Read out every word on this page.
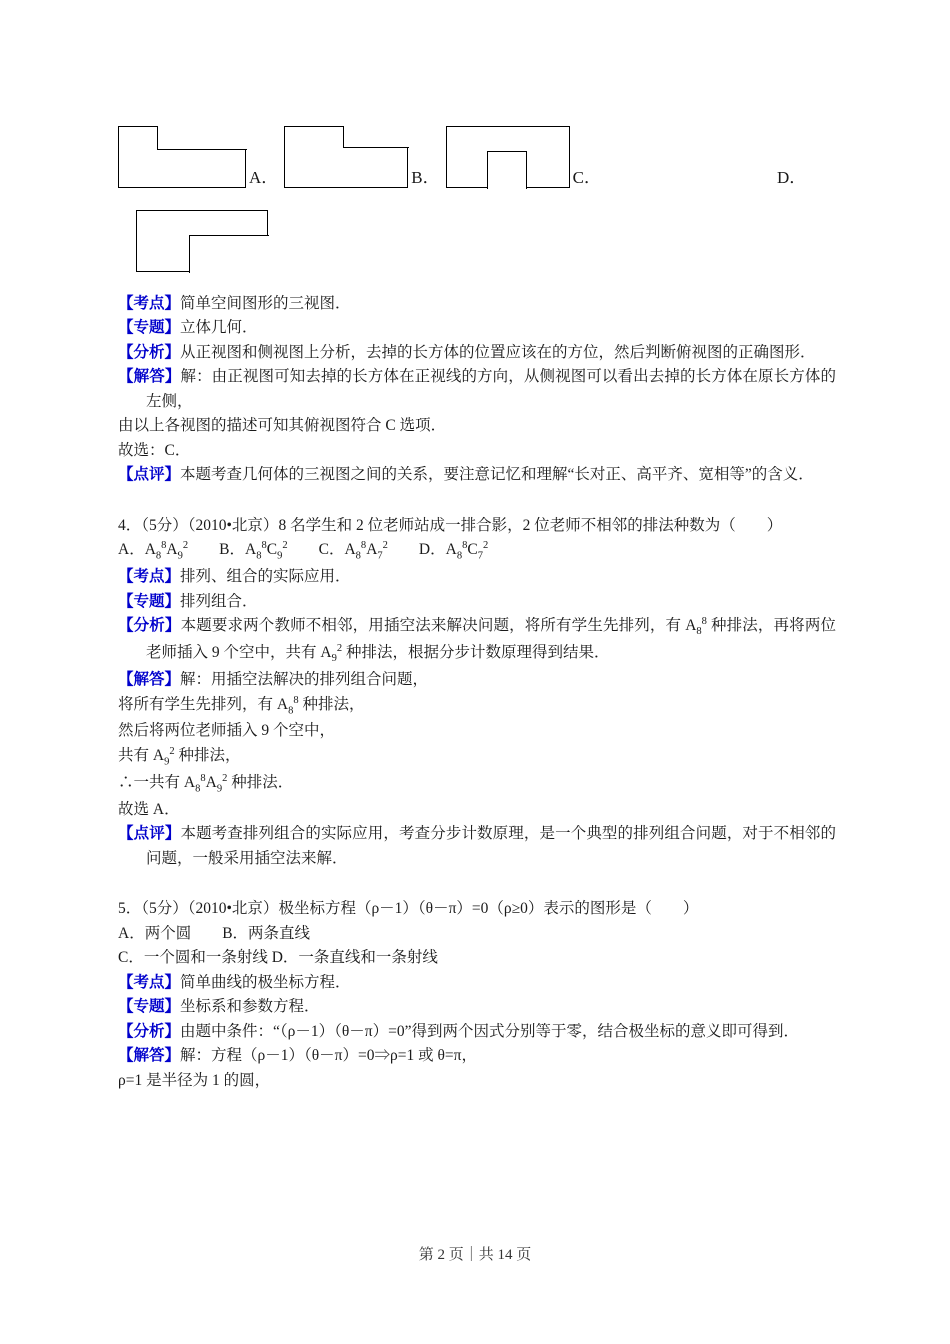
A．	B．	C．	D．

【考点】简单空间图形的三视图．

【专题】立体几何．

【分析】从正视图和侧视图上分析，去掉的长方体的位置应该在的方位，然后判断俯视图的正确图形．

【解答】解：由正视图可知去掉的长方体在正视线的方向，从侧视图可以看出去掉的长方体在原长方体的左侧，

由以上各视图的描述可知其俯视图符合 C 选项．

故选：C．

【点评】本题考查几何体的三视图之间的关系，要注意记忆和理解“长对正、高平齐、宽相等”的含义．

4．（5分）（2010•北京）8 名学生和 2 位老师站成一排合影，2 位老师不相邻的排法种数为（　　）

A．$A_8^8A_9^2$　　B．$A_8^8C_9^2$　　C．$A_8^8A_7^2$　　D．$A_8^8C_7^2$

【考点】排列、组合的实际应用．

【专题】排列组合．

【分析】本题要求两个教师不相邻，用插空法来解决问题，将所有学生先排列，有 $A_8^8$ 种排法，再将两位老师插入 9 个空中，共有 $A_9^2$ 种排法，根据分步计数原理得到结果．

【解答】解：用插空法解决的排列组合问题，

将所有学生先排列，有 $A_8^8$ 种排法，

然后将两位老师插入 9 个空中，

共有 $A_9^2$ 种排法，

∴一共有 $A_8^8A_9^2$ 种排法．

故选 A．

【点评】本题考查排列组合的实际应用，考查分步计数原理，是一个典型的排列组合问题，对于不相邻的问题，一般采用插空法来解．

5．（5分）（2010•北京）极坐标方程（ρ－1）（θ－π）=0（ρ≥0）表示的图形是（　　）

A．两个圆　　B．两条直线

C．一个圆和一条射线 D．一条直线和一条射线

【考点】简单曲线的极坐标方程．

【专题】坐标系和参数方程．

【分析】由题中条件：“（ρ－1）（θ－π）=0”得到两个因式分别等于零，结合极坐标的意义即可得到．

【解答】解：方程（ρ－1）（θ－π）=0⇒ρ=1 或 θ=π，

ρ=1 是半径为 1 的圆，

第 2 页｜共 14 页
